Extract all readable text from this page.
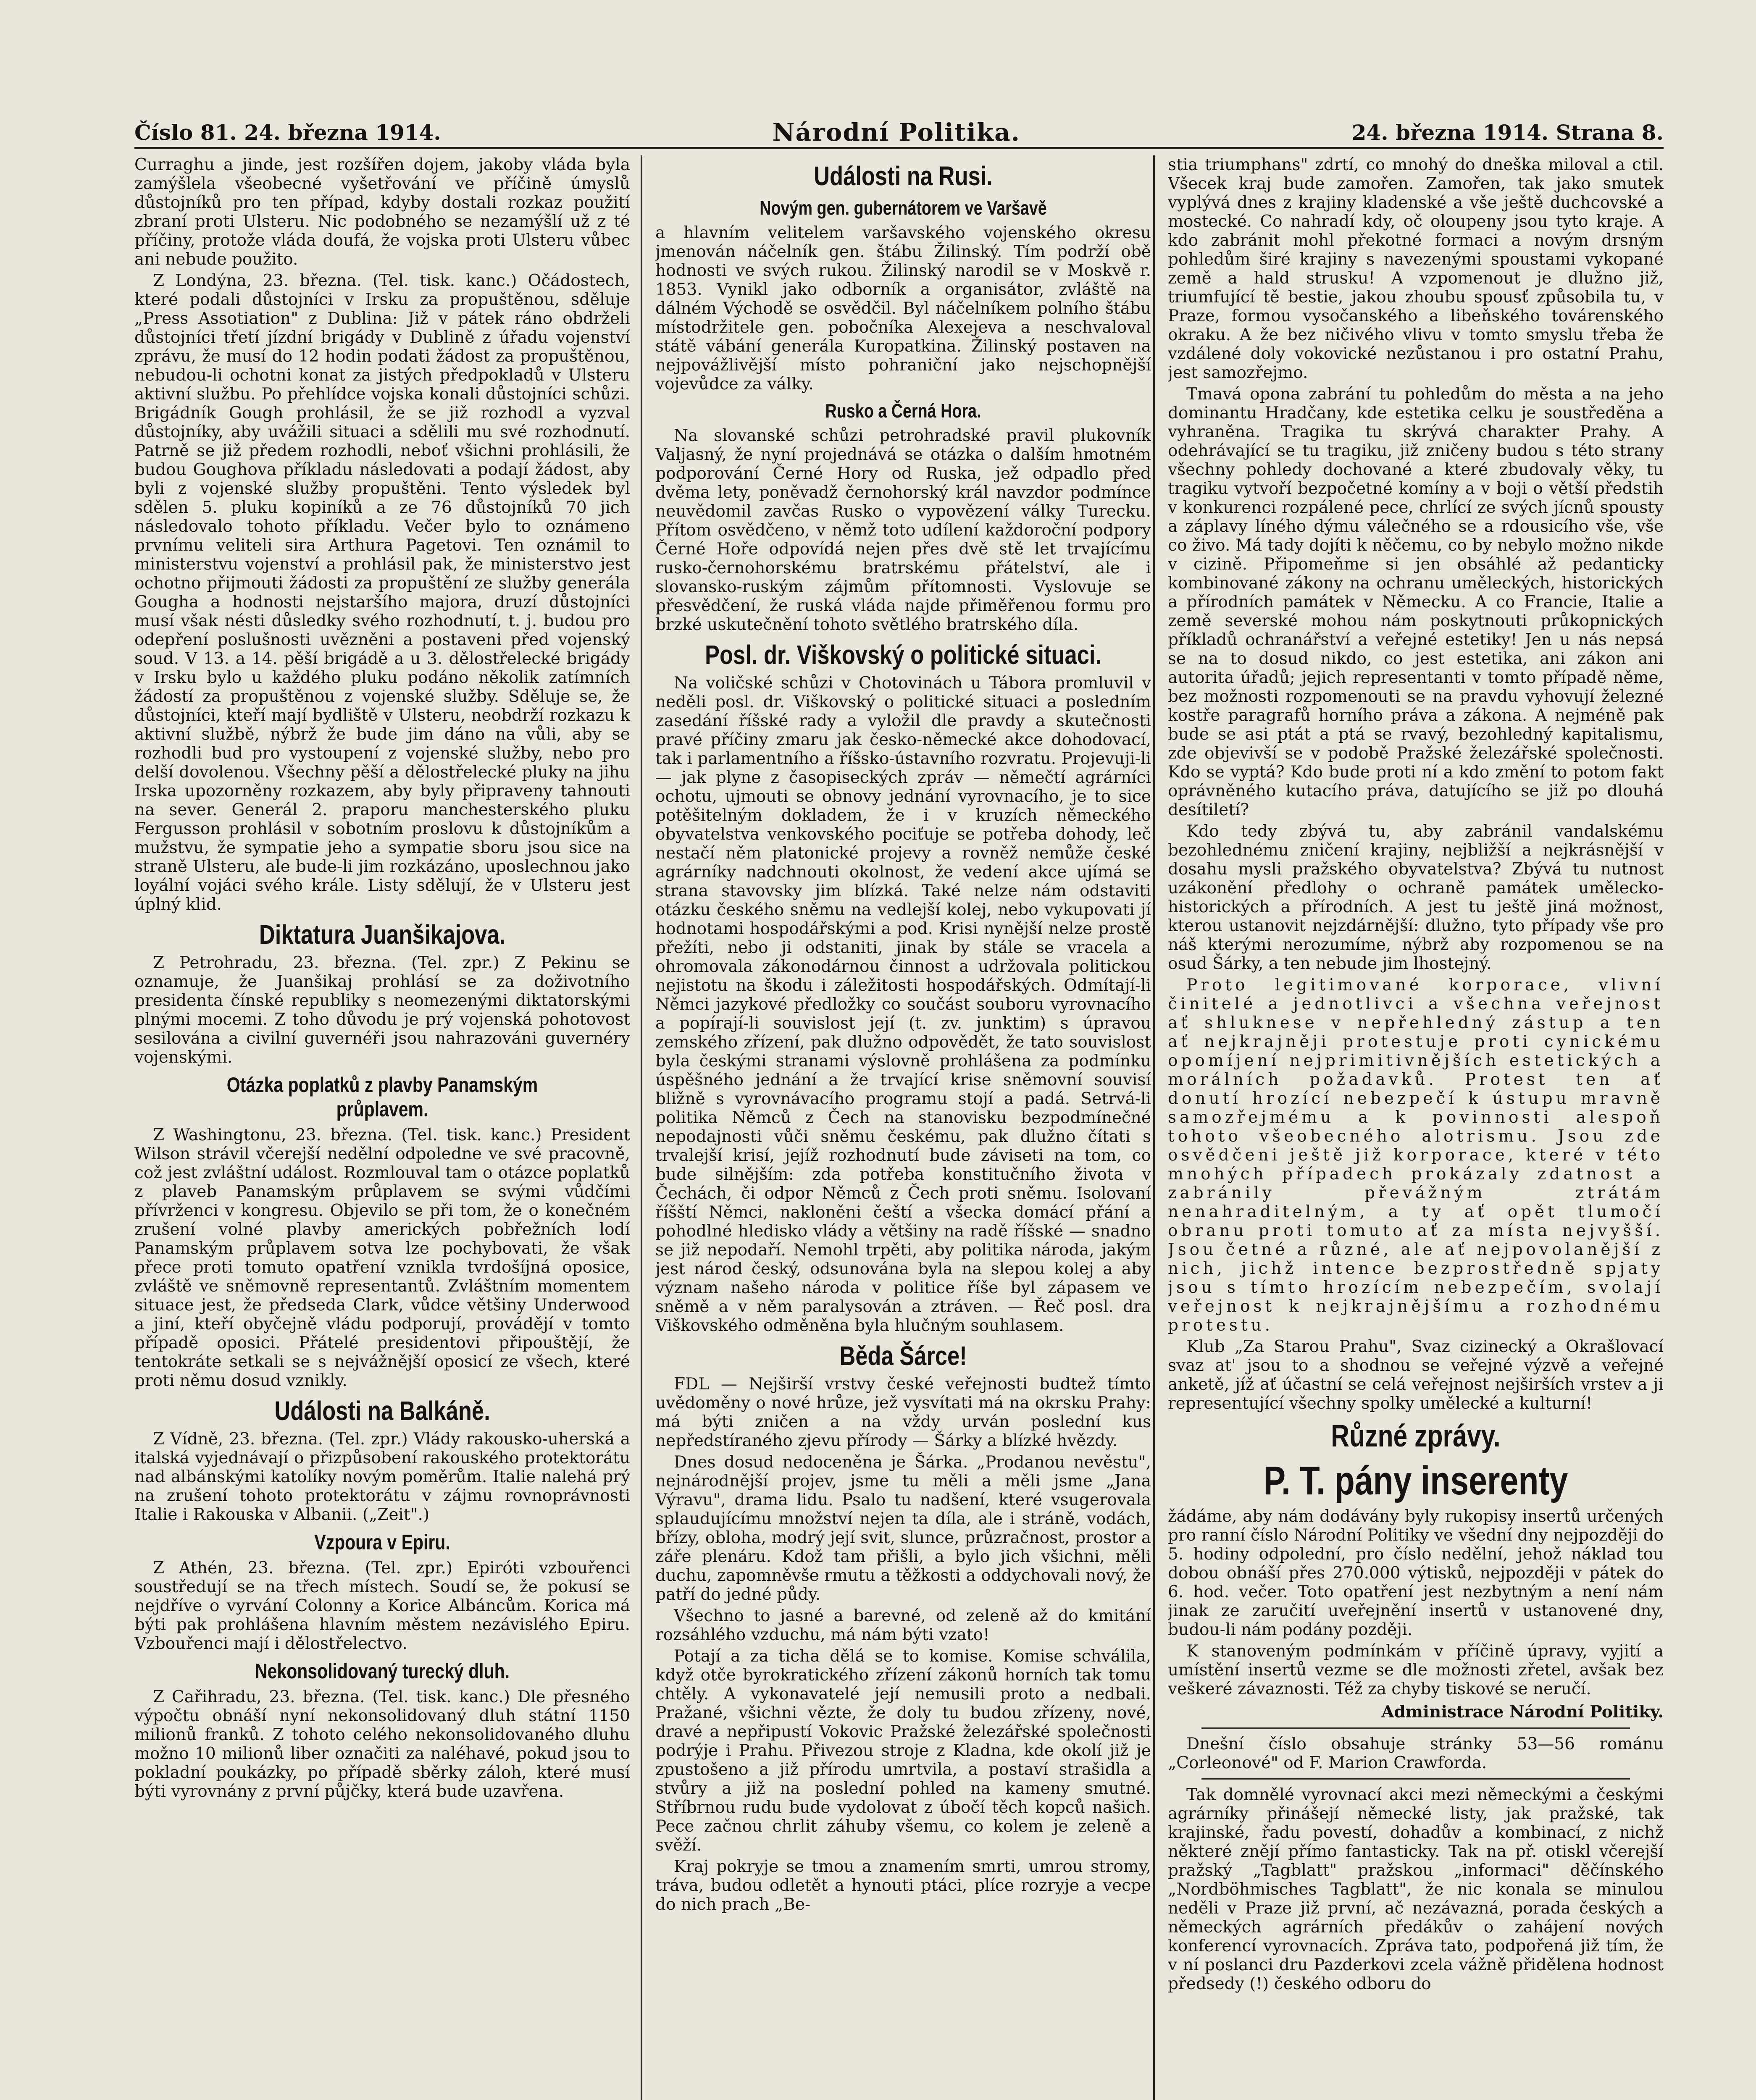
Číslo 81. 24. března 1914.	Národní Politika.	24. března 1914. Strana 8.

Curraghu a jinde, jest rozšířen dojem, jakoby vláda byla zamýšlela všeobecné vyšetřování ve příčině úmyslů důstojníků pro ten případ, kdyby dostali rozkaz použití zbraní proti Ulsteru. Nic podobného se nezamýšlí už z té příčiny, protože vláda doufá, že vojska proti Ulsteru vůbec ani nebude použito.

Z Londýna, 23. března. (Tel. tisk. kanc.) Očádostech, které podali důstojníci v Irsku za propuštěnou, sděluje „Press Assotiation" z Dublina: Již v pátek ráno obdrželi důstojníci třetí jízdní brigády v Dublině z úřadu vojenství zprávu, že musí do 12 hodin podati žádost za propuštěnou, nebudou-li ochotni konat za jistých předpokladů v Ulsteru aktivní službu. Po přehlídce vojska konali důstojníci schůzi. Brigádník Gough prohlásil, že se již rozhodl a vyzval důstojníky, aby uvážili situaci a sdělili mu své rozhodnutí. Patrně se již předem rozhodli, neboť všichni prohlásili, že budou Goughova příkladu následovati a podají žádost, aby byli z vojenské služby propuštěni. Tento výsledek byl sdělen 5. pluku kopiníků a ze 76 důstojníků 70 jich následovalo tohoto příkladu. Večer bylo to oznámeno prvnímu veliteli sira Arthura Pagetovi. Ten oznámil to ministerstvu vojenství a prohlásil pak, že ministerstvo jest ochotno přijmouti žádosti za propuštění ze služby generála Gougha a hodnosti nejstaršího majora, druzí důstojníci musí však nésti důsledky svého rozhodnutí, t. j. budou pro odepření poslušnosti uvězněni a postaveni před vojenský soud. V 13. a 14. pěší brigádě a u 3. dělostřelecké brigády v Irsku bylo u každého pluku podáno několik zatímních žádostí za propuštěnou z vojenské služby. Sděluje se, že důstojníci, kteří mají bydliště v Ulsteru, neobdrží rozkazu k aktivní službě, nýbrž že bude jim dáno na vůli, aby se rozhodli bud pro vystoupení z vojenské služby, nebo pro delší dovolenou. Všechny pěší a dělostřelecké pluky na jihu Irska upozorněny rozkazem, aby byly připraveny tahnouti na sever. Generál 2. praporu manchesterského pluku Fergusson prohlásil v sobotním proslovu k důstojníkům a mužstvu, že sympatie jeho a sympatie sboru jsou sice na straně Ulsteru, ale bude-li jim rozkázáno, uposlechnou jako loyální vojáci svého krále. Listy sdělují, že v Ulsteru jest úplný klid.

Diktatura Juanšikajova.

Z Petrohradu, 23. března. (Tel. zpr.) Z Pekinu se oznamuje, že Juanšikaj prohlásí se za doživotního presidenta čínské republiky s neomezenými diktatorskými plnými mocemi. Z toho důvodu je prý vojenská pohotovost sesilována a civilní guvernéři jsou nahrazováni guvernéry vojenskými.

Otázka poplatků z plavby Panamským průplavem.

Z Washingtonu, 23. března. (Tel. tisk. kanc.) President Wilson strávil včerejší nedělní odpoledne ve své pracovně, což jest zvláštní událost. Rozmlouval tam o otázce poplatků z plaveb Panamským průplavem se svými vůdčími přívrženci v kongresu. Objevilo se při tom, že o konečném zrušení volné plavby amerických pobřežních lodí Panamským průplavem sotva lze pochybovati, že však přece proti tomuto opatření vznikla tvrdošíjná oposice, zvláště ve sněmovně representantů. Zvláštním momentem situace jest, že předseda Clark, vůdce většiny Underwood a jiní, kteří obyčejně vládu podporují, provádějí v tomto případě oposici. Přátelé presidentovi připouštějí, že tentokráte setkali se s nejvážnější oposicí ze všech, které proti němu dosud vznikly.

Události na Balkáně.

Z Vídně, 23. března. (Tel. zpr.) Vlády rakousko-uherská a italská vyjednávají o přizpůsobení rakouského protektorátu nad albánskými katolíky novým poměrům. Italie nalehá prý na zrušení tohoto protektorátu v zájmu rovnoprávnosti Italie i Rakouska v Albanii. („Zeit".)

Vzpoura v Epiru.

Z Athén, 23. března. (Tel. zpr.) Epiróti vzbouřenci soustředují se na třech místech. Soudí se, že pokusí se nejdříve o vyrvání Colonny a Korice Albáncům. Korica má býti pak prohlášena hlavním městem nezávislého Epiru. Vzbouřenci mají i dělostřelectvo.

Nekonsolidovaný turecký dluh.

Z Cařihradu, 23. března. (Tel. tisk. kanc.) Dle přesného výpočtu obnáší nyní nekonsolidovaný dluh státní 1150 milionů franků. Z tohoto celého nekonsolidovaného dluhu možno 10 milionů liber označiti za naléhavé, pokud jsou to pokladní poukázky, po případě sběrky záloh, které musí býti vyrovnány z první půjčky, která bude uzavřena.

Události na Rusi.
Novým gen. gubernátorem ve Varšavě

a hlavním velitelem varšavského vojenského okresu jmenován náčelník gen. štábu Žilinský. Tím podrží obě hodnosti ve svých rukou. Žilinský narodil se v Moskvě r. 1853. Vynikl jako odborník a organisátor, zvláště na dálném Východě se osvědčil. Byl náčelníkem polního štábu místodržitele gen. pobočníka Alexejeva a neschvaloval státě vábání generála Kuropatkina. Žilinský postaven na nejpovážlivější místo pohraniční jako nejschopnější vojevůdce za války.

Rusko a Černá Hora.

Na slovanské schůzi petrohradské pravil plukovník Valjasný, že nyní projednává se otázka o dalším hmotném podporování Černé Hory od Ruska, jež odpadlo před dvěma lety, poněvadž černohorský král navzdor podmínce neuvědomil zavčas Rusko o vypovězení války Turecku. Přítom osvědčeno, v němž toto udílení každoroční podpory Černé Hoře odpovídá nejen přes dvě stě let trvajícímu rusko-černohorskému bratrskému přátelství, ale i slovansko-ruským zájmům přítomnosti. Vyslovuje se přesvědčení, že ruská vláda najde přiměřenou formu pro brzké uskutečnění tohoto světlého bratrského díla.

Posl. dr. Viškovský o politické situaci.

Na voličské schůzi v Chotovinách u Tábora promluvil v neděli posl. dr. Viškovský o politické situaci a posledním zasedání říšské rady a vyložil dle pravdy a skutečnosti pravé příčiny zmaru jak česko-německé akce dohodovací, tak i parlamentního a říšsko-ústavního rozvratu. Projevuji-li — jak plyne z časopiseckých zpráv — němečtí agrárníci ochotu, ujmouti se obnovy jednání vyrovnacího, je to sice potěšitelným dokladem, že i v kruzích německého obyvatelstva venkovského pociťuje se potřeba dohody, leč nestačí něm platonické projevy a rovněž nemůže české agrárníky nadchnouti okolnost, že vedení akce ujímá se strana stavovsky jim blízká. Také nelze nám odstaviti otázku českého sněmu na vedlejší kolej, nebo vykupovati jí hodnotami hospodářskými a pod. Krisi nynější nelze prostě přežíti, nebo ji odstaniti, jinak by stále se vracela a ohromovala zákonodárnou činnost a udržovala politickou nejistotu na škodu i záležitosti hospodářských. Odmítají-li Němci jazykové předložky co součást souboru vyrovnacího a popírají-li souvislost její (t. zv. junktim) s úpravou zemského zřízení, pak dlužno odpovědět, že tato souvislost byla českými stranami výslovně prohlášena za podmínku úspěšného jednání a že trvající krise sněmovní souvisí bližně s vyrovnávacího programu stojí a padá. Setrvá-li politika Němců z Čech na stanovisku bezpodmínečné nepodajnosti vůči sněmu českému, pak dlužno čítati s trvalejší krisí, jejíž rozhodnutí bude záviseti na tom, co bude silnějším: zda potřeba konstitučního života v Čechách, či odpor Němců z Čech proti sněmu. Isolovaní říšští Němci, nakloněni čeští a všecka domácí přání a pohodlné hledisko vlády a většiny na radě říšské — snadno se již nepodaří. Nemohl trpěti, aby politika národa, jakým jest národ český, odsunována byla na slepou kolej a aby význam našeho národa v politice říše byl zápasem ve sněmě a v něm paralysován a ztráven. — Řeč posl. dra Viškovského odměněna byla hlučným souhlasem.

Běda Šárce!

FDL — Nejširší vrstvy české veřejnosti budtež tímto uvědoměny o nové hrůze, jež vysvítati má na okrsku Prahy: má býti zničen a na vždy urván poslední kus nepředstíraného zjevu přírody — Šárky a blízké hvězdy.

Dnes dosud nedoceněna je Šárka. „Prodanou nevěstu", nejnárodnější projev, jsme tu měli a měli jsme „Jana Výravu", drama lidu. Psalo tu nadšení, které vsugerovala splaudujícímu množství nejen ta díla, ale i stráně, vodách, břízy, obloha, modrý její svit, slunce, průzračnost, prostor a záře plenáru. Kdož tam přišli, a bylo jich všichni, měli duchu, zapomněvše rmutu a těžkosti a oddychovali nový, že patří do jedné půdy.

Všechno to jasné a barevné, od zeleně až do kmitání rozsáhlého vzduchu, má nám býti vzato!

Potají a za ticha dělá se to komise. Komise schválila, když otče byrokratického zřízení zákonů horních tak tomu chtěly. A vykonavatelé její nemusili proto a nedbali. Pražané, všichni vězte, že doly tu budou zřízeny, nové, dravé a nepřipustí Vokovic Pražské železářské společnosti podrýje i Prahu. Přivezou stroje z Kladna, kde okolí již je zpustošeno a již přírodu umrtvila, a postaví strašidla a stvůry a již na poslední pohled na kameny smutné. Stříbrnou rudu bude vydolovat z úbočí těch kopců našich. Pece začnou chrlit záhuby všemu, co kolem je zeleně a svěží.

Kraj pokryje se tmou a znamením smrti, umrou stromy, tráva, budou odletět a hynouti ptáci, plíce rozryje a vecpe do nich prach „Be-

stia triumphans" zdrtí, co mnohý do dneška miloval a ctil. Všecek kraj bude zamořen. Zamořen, tak jako smutek vyplývá dnes z krajiny kladenské a vše ještě duchcovské a mostecké. Co nahradí kdy, oč oloupeny jsou tyto kraje. A kdo zabránit mohl překotné formaci a novým drsným pohledům širé krajiny s navezenými spoustami vykopané země a hald strusku! A vzpomenout je dlužno již, triumfující tě bestie, jakou zhoubu spousť způsobila tu, v Praze, formou vysočanského a libeňského továrenského okraku. A že bez ničivého vlivu v tomto smyslu třeba že vzdálené doly vokovické nezůstanou i pro ostatní Prahu, jest samozřejmo.

Tmavá opona zabrání tu pohledům do města a na jeho dominantu Hradčany, kde estetika celku je soustředěna a vyhraněna. Tragika tu skrývá charakter Prahy. A odehrávající se tu tragiku, již zničeny budou s této strany všechny pohledy dochované a které zbudovaly věky, tu tragiku vytvoří bezpočetné komíny a v boji o větší předstih v konkurenci rozpálené pece, chrlící ze svých jícnů spousty a záplavy líného dýmu válečného se a rdousicího vše, vše co živo. Má tady dojíti k něčemu, co by nebylo možno nikde v cizině. Připomeňme si jen obsáhlé až pedanticky kombinované zákony na ochranu uměleckých, historických a přírodních památek v Německu. A co Francie, Italie a země severské mohou nám poskytnouti průkopnických příkladů ochranářství a veřejné estetiky! Jen u nás nepsá se na to dosud nikdo, co jest estetika, ani zákon ani autorita úřadů; jejich representanti v tomto případě něme, bez možnosti rozpomenouti se na pravdu vyhovují železné kostře paragrafů horního práva a zákona. A nejméně pak bude se asi ptát a ptá se rvavý, bezohledný kapitalismu, zde objevivší se v podobě Pražské železářské společnosti. Kdo se vyptá? Kdo bude proti ní a kdo změní to potom fakt oprávněného kutacího práva, datujícího se již po dlouhá desítiletí?

Kdo tedy zbývá tu, aby zabránil vandalskému bezohlednému zničení krajiny, nejbližší a nejkrásnější v dosahu mysli pražského obyvatelstva? Zbývá tu nutnost uzákonění předlohy o ochraně památek umělecko-historických a přírodních. A jest tu ještě jiná možnost, kterou ustanovit nejzdárnější: dlužno, tyto případy vše pro náš kterými nerozumíme, nýbrž aby rozpomenou se na osud Šárky, a ten nebude jim lhostejný.

Proto legitimované korporace, vlivní činitelé a jednotlivci a všechna veřejnost ať shluknese v nepřehledný zástup a ten ať nejkrajněji protestuje proti cynickému opomíjení nejprimitivnějších estetických a morálních požadavků. Protest ten ať donutí hrozící nebezpečí k ústupu mravně samozřejmému a k povinnosti alespoň tohoto všeobecného alotrismu. Jsou zde osvědčeni ještě již korporace, které v této mnohých případech prokázaly zdatnost a zabránily převážným ztrátám nenahraditelným, a ty ať opět tlumočí obranu proti tomuto ať za místa nejvyšší. Jsou četné a různé, ale ať nejpovolanější z nich, jichž intence bezprostředně spjaty jsou s tímto hrozícím nebezpečím, svolají veřejnost k nejkrajnějšímu a rozhodnému protestu.

Klub „Za Starou Prahu", Svaz cizinecký a Okrašlovací svaz at' jsou to a shodnou se veřejné výzvě a veřejné anketě, jíž ať účastní se celá veřejnost nejširších vrstev a ji representující všechny spolky umělecké a kulturní!

Různé zprávy.
P. T. pány inserenty

žádáme, aby nám dodávány byly rukopisy insertů určených pro ranní číslo Národní Politiky ve všední dny nejpozději do 5. hodiny odpolední, pro číslo nedělní, jehož náklad tou dobou obnáší přes 270.000 výtisků, nejpozději v pátek do 6. hod. večer. Toto opatření jest nezbytným a není nám jinak ze zaručití uveřejnění insertů v ustanovené dny, budou-li nám podány později.

K stanoveným podmínkám v příčině úpravy, vyjití a umístění insertů vezme se dle možnosti zřetel, avšak bez veškeré závaznosti. Též za chyby tiskové se neručí.

Administrace Národní Politiky.

Dnešní číslo obsahuje stránky 53—56 románu „Corleonové" od F. Marion Crawforda.

Tak domnělé vyrovnací akci mezi německými a českými agrárníky přinášejí německé listy, jak pražské, tak krajinské, řadu povestí, dohadův a kombinací, z nichž některé znějí přímo fantasticky. Tak na př. otiskl včerejší pražský „Tagblatt" pražskou „informaci" děčínského „Nordböhmisches Tagblatt", že nic konala se minulou neděli v Praze již první, ač nezávazná, porada českých a německých agrárních předákův o zahájení nových konferencí vyrovnacích. Zpráva tato, podpořená již tím, že v ní poslanci dru Pazderkovi zcela vážně přidělena hodnost předsedy (!) českého odboru do
